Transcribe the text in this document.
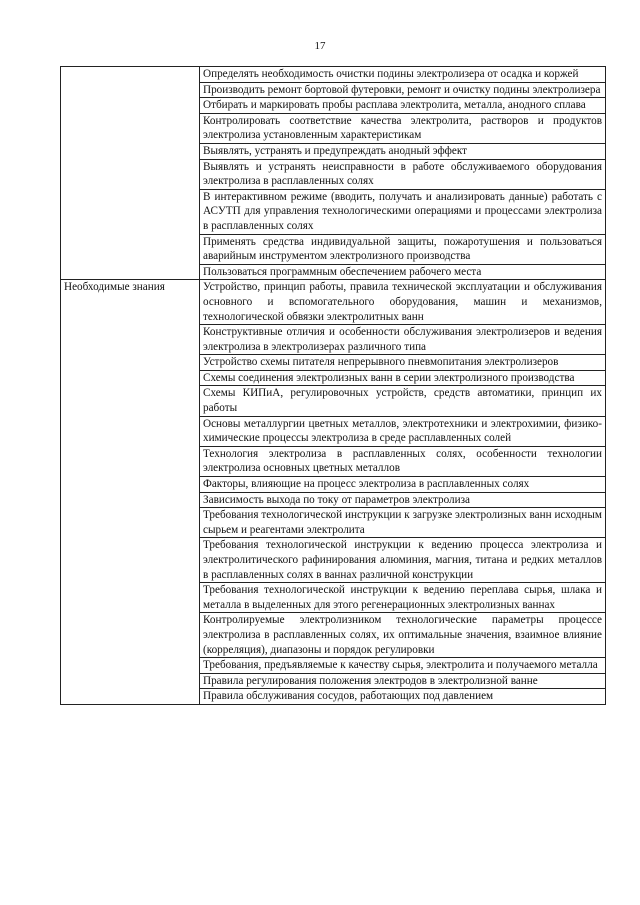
17
	Определять необходимость очистки подины электролизера от осадка и коржей
	Производить ремонт бортовой футеровки, ремонт и очистку подины электролизера
	Отбирать и маркировать пробы расплава электролита, металла, анодного сплава
	Контролировать соответствие качества электролита, растворов и продуктов электролиза установленным характеристикам
	Выявлять, устранять и предупреждать анодный эффект
	Выявлять и устранять неисправности в работе обслуживаемого оборудования электролиза в расплавленных солях
	В интерактивном режиме (вводить, получать и анализировать данные) работать с АСУТП для управления технологическими операциями и процессами электролиза в расплавленных солях
	Применять средства индивидуальной защиты, пожаротушения и пользоваться аварийным инструментом электролизного производства
	Пользоваться программным обеспечением рабочего места
Необходимые знания	Устройство, принцип работы, правила технической эксплуатации и обслуживания основного и вспомогательного оборудования, машин и механизмов, технологической обвязки электролитных ванн
	Конструктивные отличия и особенности обслуживания электролизеров и ведения электролиза в электролизерах различного типа
	Устройство схемы питателя непрерывного пневмопитания электролизеров
	Схемы соединения электролизных ванн в серии электролизного производства
	Схемы КИПиА, регулировочных устройств, средств автоматики, принцип их работы
	Основы металлургии цветных металлов, электротехники и электрохимии, физико-химические процессы электролиза в среде расплавленных солей
	Технология электролиза в расплавленных солях, особенности технологии электролиза основных цветных металлов
	Факторы, влияющие на процесс электролиза в расплавленных солях
	Зависимость выхода по току от параметров электролиза
	Требования технологической инструкции к загрузке электролизных ванн исходным сырьем и реагентами электролита
	Требования технологической инструкции к ведению процесса электролиза и электролитического рафинирования алюминия, магния, титана и редких металлов в расплавленных солях в ваннах различной конструкции
	Требования технологической инструкции к ведению переплава сырья, шлака и металла в выделенных для этого регенерационных электролизных ваннах
	Контролируемые электролизником технологические параметры процессе электролиза в расплавленных солях, их оптимальные значения, взаимное влияние (корреляция), диапазоны и порядок регулировки
	Требования, предъявляемые к качеству сырья, электролита и получаемого металла
	Правила регулирования положения электродов в электролизной ванне
	Правила обслуживания сосудов, работающих под давлением
